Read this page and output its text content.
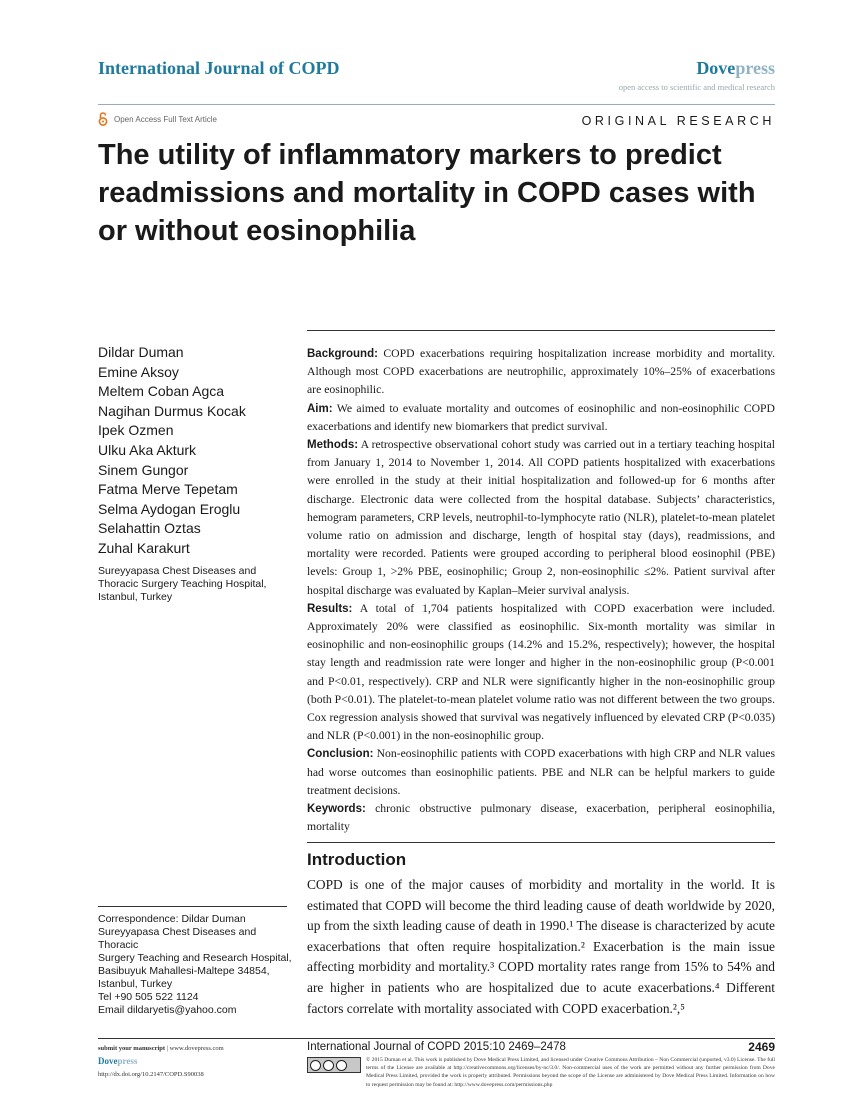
International Journal of COPD	Dovepress
open access to scientific and medical research
Open Access Full Text Article	ORIGINAL RESEARCH
The utility of inflammatory markers to predict readmissions and mortality in COPD cases with or without eosinophilia
Dildar Duman
Emine Aksoy
Meltem Coban Agca
Nagihan Durmus Kocak
Ipek Ozmen
Ulku Aka Akturk
Sinem Gungor
Fatma Merve Tepetam
Selma Aydogan Eroglu
Selahattin Oztas
Zuhal Karakurt
Sureyyapasa Chest Diseases and
Thoracic Surgery Teaching Hospital,
Istanbul, Turkey

Background: COPD exacerbations requiring hospitalization increase morbidity and mortality. Although most COPD exacerbations are neutrophilic, approximately 10%–25% of exacerbations are eosinophilic.

Aim: We aimed to evaluate mortality and outcomes of eosinophilic and non-eosinophilic COPD exacerbations and identify new biomarkers that predict survival.

Methods: A retrospective observational cohort study was carried out in a tertiary teaching hospital from January 1, 2014 to November 1, 2014. All COPD patients hospitalized with exacerbations were enrolled in the study at their initial hospitalization and followed-up for 6 months after discharge. Electronic data were collected from the hospital database. Subjects’ characteristics, hemogram parameters, CRP levels, neutrophil-to-lymphocyte ratio (NLR), platelet-to-mean platelet volume ratio on admission and discharge, length of hospital stay (days), readmissions, and mortality were recorded. Patients were grouped according to peripheral blood eosinophil (PBE) levels: Group 1, >2% PBE, eosinophilic; Group 2, non-eosinophilic ≤2%. Patient survival after hospital discharge was evaluated by Kaplan–Meier survival analysis.

Results: A total of 1,704 patients hospitalized with COPD exacerbation were included. Approximately 20% were classified as eosinophilic. Six-month mortality was similar in eosinophilic and non-eosinophilic groups (14.2% and 15.2%, respectively); however, the hospital stay length and readmission rate were longer and higher in the non-eosinophilic group (P<0.001 and P<0.01, respectively). CRP and NLR were significantly higher in the non-eosinophilic group (both P<0.01). The platelet-to-mean platelet volume ratio was not different between the two groups. Cox regression analysis showed that survival was negatively influenced by elevated CRP (P<0.035) and NLR (P<0.001) in the non-eosinophilic group.

Conclusion: Non-eosinophilic patients with COPD exacerbations with high CRP and NLR values had worse outcomes than eosinophilic patients. PBE and NLR can be helpful markers to guide treatment decisions.

Keywords: chronic obstructive pulmonary disease, exacerbation, peripheral eosinophilia, mortality

Introduction

COPD is one of the major causes of morbidity and mortality in the world. It is estimated that COPD will become the third leading cause of death worldwide by 2020, up from the sixth leading cause of death in 1990.¹ The disease is characterized by acute exacerbations that often require hospitalization.² Exacerbation is the main issue affecting morbidity and mortality.³ COPD mortality rates range from 15% to 54% and are higher in patients who are hospitalized due to acute exacerbations.⁴ Different factors correlate with mortality associated with COPD exacerbation.²,⁵

Correspondence: Dildar Duman
Sureyyapasa Chest Diseases and Thoracic
Surgery Teaching and Research Hospital,
Basibuyuk Mahallesi-Maltepe 34854,
Istanbul, Turkey
Tel +90 505 522 1124
Email dildaryetis@yahoo.com
submit your manuscript | www.dovepress.com
Dovepress
http://dx.doi.org/10.2147/COPD.S90038
International Journal of COPD 2015:10 2469–2478	2469

© 2015 Duman et al. This work is published by Dove Medical Press Limited, and licensed under Creative Commons Attribution – Non Commercial (unported, v3.0) License. The full terms of the License are available at http://creativecommons.org/licenses/by-nc/3.0/. Non-commercial uses of the work are permitted without any further permission from Dove Medical Press Limited, provided the work is properly attributed. Permissions beyond the scope of the License are administered by Dove Medical Press Limited. Information on how to request permission may be found at: http://www.dovepress.com/permissions.php
